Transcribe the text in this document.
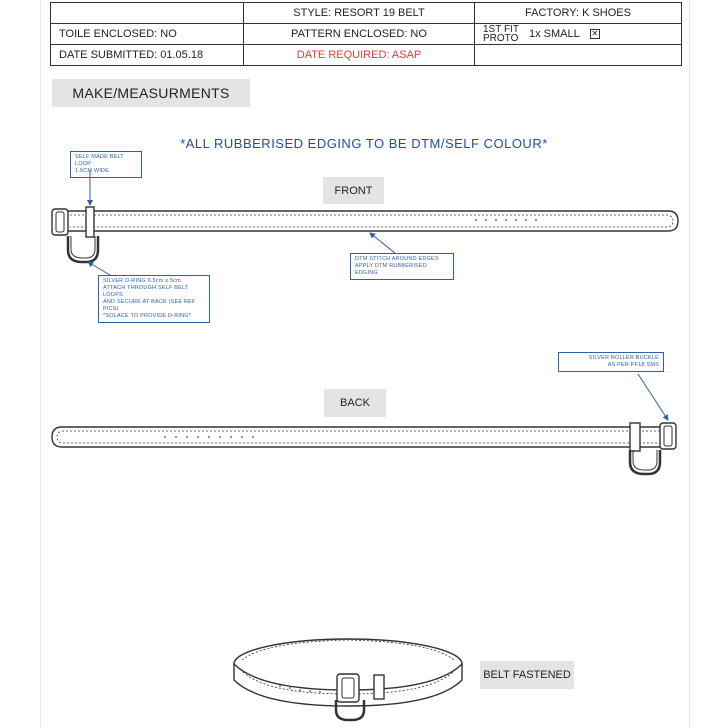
	STYLE: RESORT 19 BELT	FACTORY: K SHOES
TOILE ENCLOSED: NO	PATTERN ENCLOSED: NO	1ST FIT PROTO 1x SMALL ✕

DATE SUBMITTED: 01.05.18	DATE REQUIRED: ASAP	
MAKE/MEASURMENTS
*ALL RUBBERISED EDGING TO BE DTM/SELF COLOUR*
FRONT
BACK
BELT FASTENED
SELF MADE BELT LOOP
1.5CM WIDE
SILVER D-RING 6.5cm x 5cm
ATTACH THROUGH SELF BELT LOOPS
AND SECURE AT BACK (SEE REF PICS)
*SOLACE TO PROVIDE D-RING*
DTM STITCH AROUND EDGES
APPLY DTM RUBBERISED EDGING
SILVER ROLLER BUCKLE
AS PER PF18 SMS
